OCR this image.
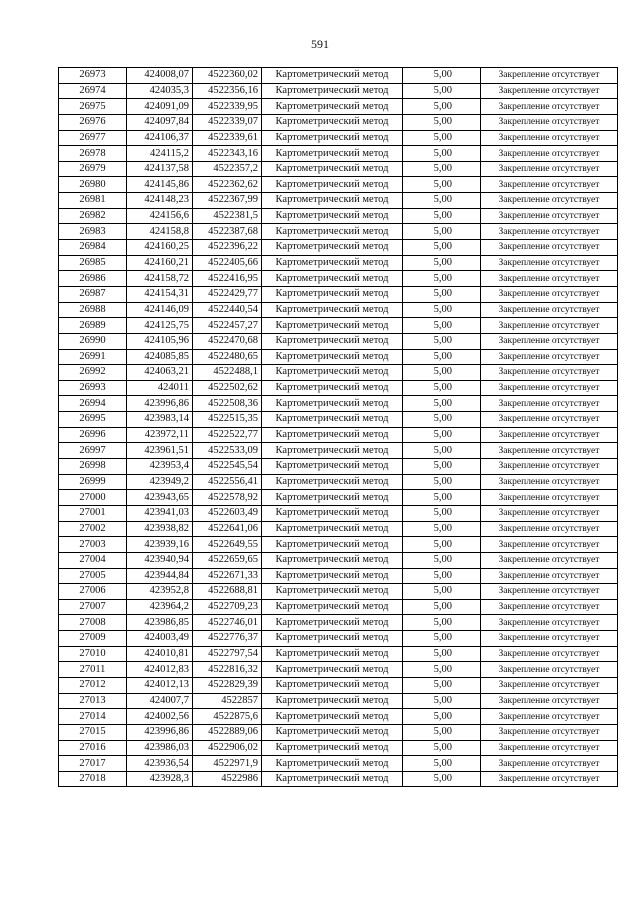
591
26973	424008,07	4522360,02	Картометрический метод	5,00	Закрепление отсутствует
26974	424035,3	4522356,16	Картометрический метод	5,00	Закрепление отсутствует
26975	424091,09	4522339,95	Картометрический метод	5,00	Закрепление отсутствует
26976	424097,84	4522339,07	Картометрический метод	5,00	Закрепление отсутствует
26977	424106,37	4522339,61	Картометрический метод	5,00	Закрепление отсутствует
26978	424115,2	4522343,16	Картометрический метод	5,00	Закрепление отсутствует
26979	424137,58	4522357,2	Картометрический метод	5,00	Закрепление отсутствует
26980	424145,86	4522362,62	Картометрический метод	5,00	Закрепление отсутствует
26981	424148,23	4522367,99	Картометрический метод	5,00	Закрепление отсутствует
26982	424156,6	4522381,5	Картометрический метод	5,00	Закрепление отсутствует
26983	424158,8	4522387,68	Картометрический метод	5,00	Закрепление отсутствует
26984	424160,25	4522396,22	Картометрический метод	5,00	Закрепление отсутствует
26985	424160,21	4522405,66	Картометрический метод	5,00	Закрепление отсутствует
26986	424158,72	4522416,95	Картометрический метод	5,00	Закрепление отсутствует
26987	424154,31	4522429,77	Картометрический метод	5,00	Закрепление отсутствует
26988	424146,09	4522440,54	Картометрический метод	5,00	Закрепление отсутствует
26989	424125,75	4522457,27	Картометрический метод	5,00	Закрепление отсутствует
26990	424105,96	4522470,68	Картометрический метод	5,00	Закрепление отсутствует
26991	424085,85	4522480,65	Картометрический метод	5,00	Закрепление отсутствует
26992	424063,21	4522488,1	Картометрический метод	5,00	Закрепление отсутствует
26993	424011	4522502,62	Картометрический метод	5,00	Закрепление отсутствует
26994	423996,86	4522508,36	Картометрический метод	5,00	Закрепление отсутствует
26995	423983,14	4522515,35	Картометрический метод	5,00	Закрепление отсутствует
26996	423972,11	4522522,77	Картометрический метод	5,00	Закрепление отсутствует
26997	423961,51	4522533,09	Картометрический метод	5,00	Закрепление отсутствует
26998	423953,4	4522545,54	Картометрический метод	5,00	Закрепление отсутствует
26999	423949,2	4522556,41	Картометрический метод	5,00	Закрепление отсутствует
27000	423943,65	4522578,92	Картометрический метод	5,00	Закрепление отсутствует
27001	423941,03	4522603,49	Картометрический метод	5,00	Закрепление отсутствует
27002	423938,82	4522641,06	Картометрический метод	5,00	Закрепление отсутствует
27003	423939,16	4522649,55	Картометрический метод	5,00	Закрепление отсутствует
27004	423940,94	4522659,65	Картометрический метод	5,00	Закрепление отсутствует
27005	423944,84	4522671,33	Картометрический метод	5,00	Закрепление отсутствует
27006	423952,8	4522688,81	Картометрический метод	5,00	Закрепление отсутствует
27007	423964,2	4522709,23	Картометрический метод	5,00	Закрепление отсутствует
27008	423986,85	4522746,01	Картометрический метод	5,00	Закрепление отсутствует
27009	424003,49	4522776,37	Картометрический метод	5,00	Закрепление отсутствует
27010	424010,81	4522797,54	Картометрический метод	5,00	Закрепление отсутствует
27011	424012,83	4522816,32	Картометрический метод	5,00	Закрепление отсутствует
27012	424012,13	4522829,39	Картометрический метод	5,00	Закрепление отсутствует
27013	424007,7	4522857	Картометрический метод	5,00	Закрепление отсутствует
27014	424002,56	4522875,6	Картометрический метод	5,00	Закрепление отсутствует
27015	423996,86	4522889,06	Картометрический метод	5,00	Закрепление отсутствует
27016	423986,03	4522906,02	Картометрический метод	5,00	Закрепление отсутствует
27017	423936,54	4522971,9	Картометрический метод	5,00	Закрепление отсутствует
27018	423928,3	4522986	Картометрический метод	5,00	Закрепление отсутствует
